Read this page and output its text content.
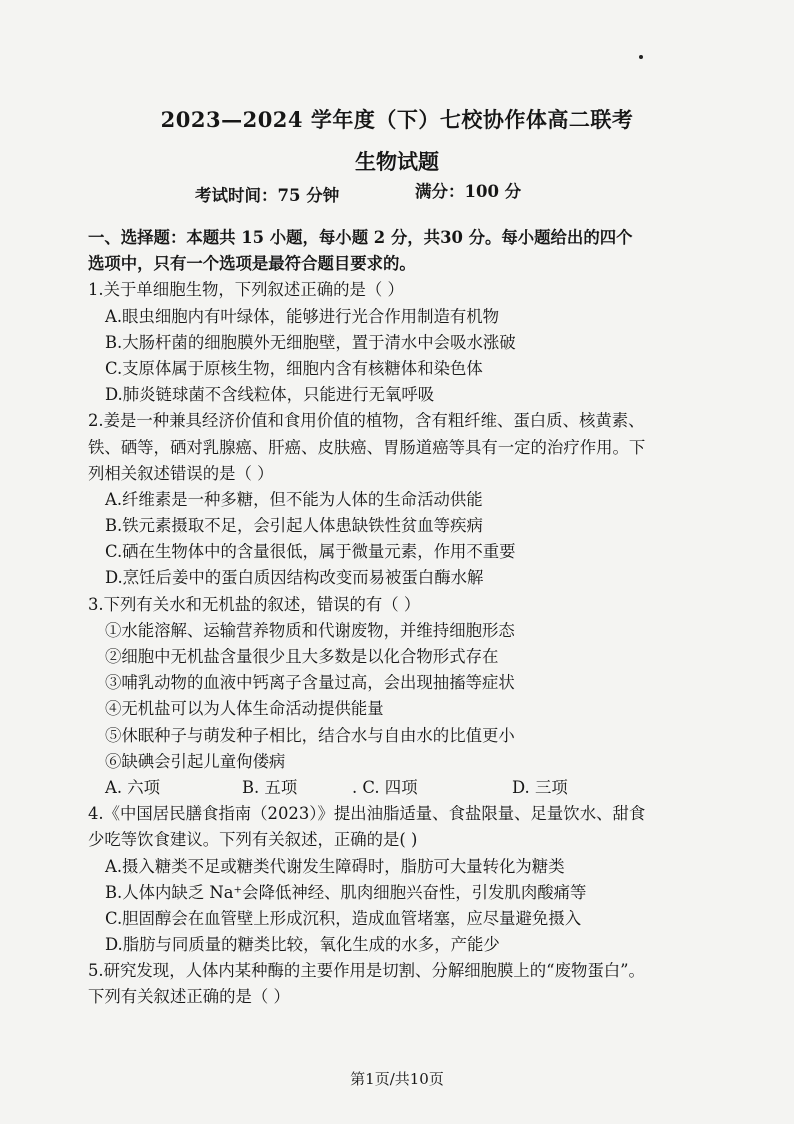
2023—2024 学年度（下）七校协作体高二联考
生物试题
考试时间：75 分钟	满分：100 分
一、选择题：本题共 15 小题，每小题 2 分，共30 分。每小题给出的四个
选项中，只有一个选项是最符合题目要求的。
1.关于单细胞生物，下列叙述正确的是（ ）
A.眼虫细胞内有叶绿体，能够进行光合作用制造有机物
B.大肠杆菌的细胞膜外无细胞壁，置于清水中会吸水涨破
C.支原体属于原核生物，细胞内含有核糖体和染色体
D.肺炎链球菌不含线粒体，只能进行无氧呼吸
2.姜是一种兼具经济价值和食用价值的植物，含有粗纤维、蛋白质、核黄素、
铁、硒等，硒对乳腺癌、肝癌、皮肤癌、胃肠道癌等具有一定的治疗作用。下
列相关叙述错误的是（ ）
A.纤维素是一种多糖，但不能为人体的生命活动供能
B.铁元素摄取不足，会引起人体患缺铁性贫血等疾病
C.硒在生物体中的含量很低，属于微量元素，作用不重要
D.烹饪后姜中的蛋白质因结构改变而易被蛋白酶水解
3.下列有关水和无机盐的叙述，错误的有（ ）
①水能溶解、运输营养物质和代谢废物，并维持细胞形态
②细胞中无机盐含量很少且大多数是以化合物形式存在
③哺乳动物的血液中钙离子含量过高，会出现抽搐等症状
④无机盐可以为人体生命活动提供能量
⑤休眠种子与萌发种子相比，结合水与自由水的比值更小
⑥缺碘会引起儿童佝偻病
A. 六项	B. 五项	. C. 四项	D. 三项
4.《中国居民膳食指南（2023）》提出油脂适量、食盐限量、足量饮水、甜食
少吃等饮食建议。下列有关叙述，正确的是( )
A.摄入糖类不足或糖类代谢发生障碍时，脂肪可大量转化为糖类
B.人体内缺乏 Na⁺会降低神经、肌肉细胞兴奋性，引发肌肉酸痛等
C.胆固醇会在血管壁上形成沉积，造成血管堵塞，应尽量避免摄入
D.脂肪与同质量的糖类比较，氧化生成的水多，产能少
5.研究发现，人体内某种酶的主要作用是切割、分解细胞膜上的“废物蛋白”。
下列有关叙述正确的是（ ）
第1页/共10页
